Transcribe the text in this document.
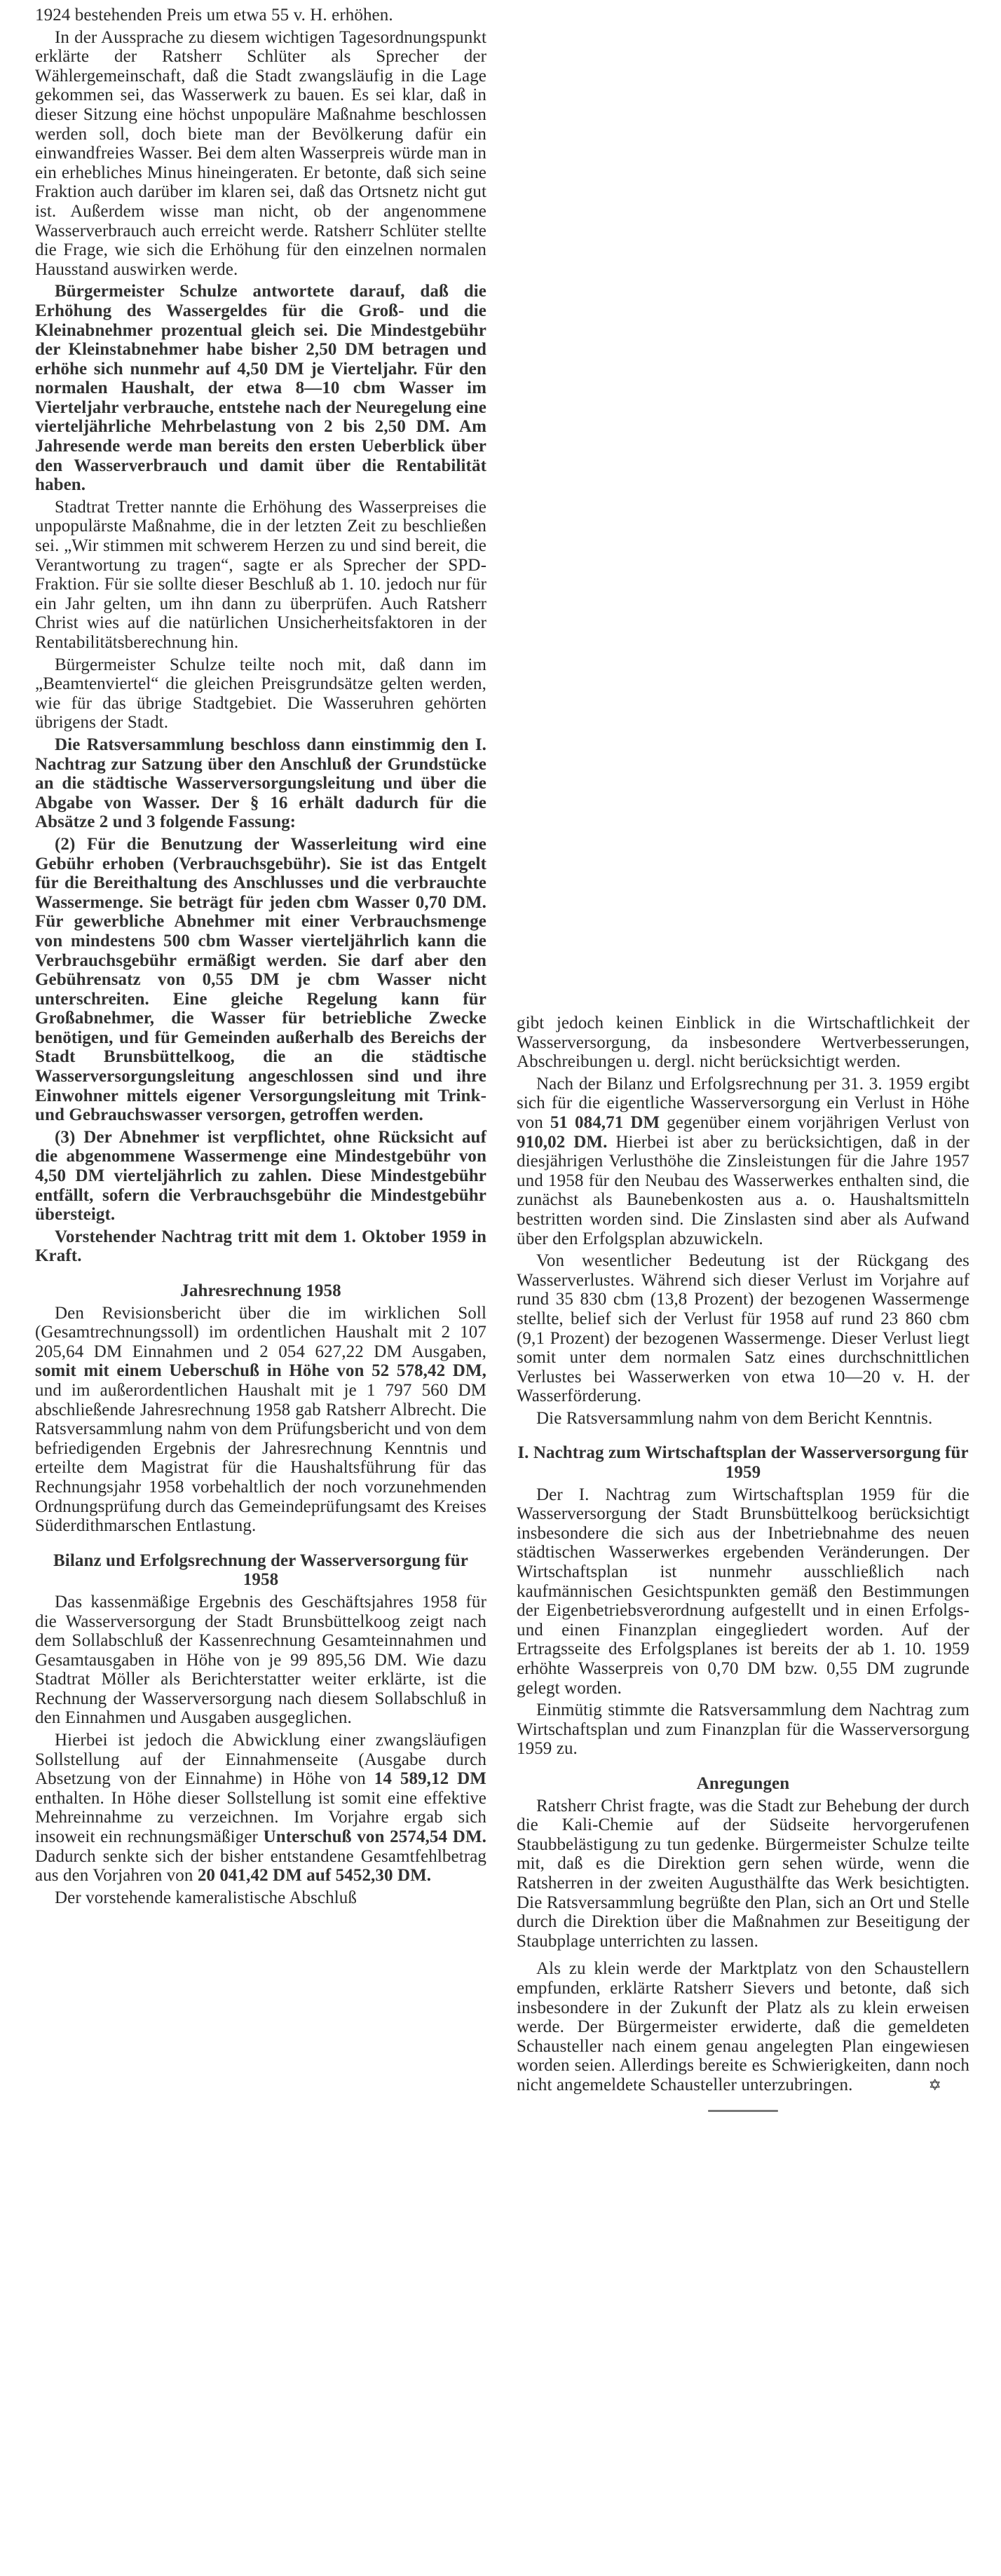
1924 bestehenden Preis um etwa 55 v. H. erhöhen.

In der Aussprache zu diesem wichtigen Tagesordnungspunkt erklärte der Ratsherr Schlüter als Sprecher der Wählergemeinschaft, daß die Stadt zwangsläufig in die Lage gekommen sei, das Wasserwerk zu bauen. Es sei klar, daß in dieser Sitzung eine höchst unpopuläre Maßnahme beschlossen werden soll, doch biete man der Bevölkerung dafür ein einwandfreies Wasser. Bei dem alten Wasserpreis würde man in ein erhebliches Minus hineingeraten. Er betonte, daß sich seine Fraktion auch darüber im klaren sei, daß das Ortsnetz nicht gut ist. Außerdem wisse man nicht, ob der angenommene Wasserverbrauch auch erreicht werde. Ratsherr Schlüter stellte die Frage, wie sich die Erhöhung für den einzelnen normalen Hausstand auswirken werde.

Bürgermeister Schulze antwortete darauf, daß die Erhöhung des Wassergeldes für die Groß- und die Kleinabnehmer prozentual gleich sei. Die Mindestgebühr der Kleinstabnehmer habe bisher 2,50 DM betragen und erhöhe sich nunmehr auf 4,50 DM je Vierteljahr. Für den normalen Haushalt, der etwa 8—10 cbm Wasser im Vierteljahr verbrauche, entstehe nach der Neuregelung eine vierteljährliche Mehrbelastung von 2 bis 2,50 DM. Am Jahresende werde man bereits den ersten Ueberblick über den Wasserverbrauch und damit über die Rentabilität haben.

Stadtrat Tretter nannte die Erhöhung des Wasserpreises die unpopulärste Maßnahme, die in der letzten Zeit zu beschließen sei. „Wir stimmen mit schwerem Herzen zu und sind bereit, die Verantwortung zu tragen“, sagte er als Sprecher der SPD-Fraktion. Für sie sollte dieser Beschluß ab 1. 10. jedoch nur für ein Jahr gelten, um ihn dann zu überprüfen. Auch Ratsherr Christ wies auf die natürlichen Unsicherheitsfaktoren in der Rentabilitätsberechnung hin.

Bürgermeister Schulze teilte noch mit, daß dann im „Beamtenviertel“ die gleichen Preisgrundsätze gelten werden, wie für das übrige Stadtgebiet. Die Wasseruhren gehörten übrigens der Stadt.

Die Ratsversammlung beschloss dann einstimmig den I. Nachtrag zur Satzung über den Anschluß der Grundstücke an die städtische Wasserversorgungsleitung und über die Abgabe von Wasser. Der § 16 erhält dadurch für die Absätze 2 und 3 folgende Fassung:

(2) Für die Benutzung der Wasserleitung wird eine Gebühr erhoben (Verbrauchsgebühr). Sie ist das Entgelt für die Bereithaltung des Anschlusses und die verbrauchte Wassermenge. Sie beträgt für jeden cbm Wasser 0,70 DM. Für gewerbliche Abnehmer mit einer Verbrauchsmenge von mindestens 500 cbm Wasser vierteljährlich kann die Verbrauchsgebühr ermäßigt werden. Sie darf aber den Gebührensatz von 0,55 DM je cbm Wasser nicht unterschreiten. Eine gleiche Regelung kann für Großabnehmer, die Wasser für betriebliche Zwecke benötigen, und für Gemeinden außerhalb des Bereichs der Stadt Brunsbüttelkoog, die an die städtische Wasserversorgungsleitung angeschlossen sind und ihre Einwohner mittels eigener Versorgungsleitung mit Trink- und Gebrauchswasser versorgen, getroffen werden.

(3) Der Abnehmer ist verpflichtet, ohne Rücksicht auf die abgenommene Wassermenge eine Mindestgebühr von 4,50 DM vierteljährlich zu zahlen. Diese Mindestgebühr entfällt, sofern die Verbrauchsgebühr die Mindestgebühr übersteigt.

Vorstehender Nachtrag tritt mit dem 1. Oktober 1959 in Kraft.

Jahresrechnung 1958

Den Revisionsbericht über die im wirklichen Soll (Gesamtrechnungssoll) im ordentlichen Haushalt mit 2 107 205,64 DM Einnahmen und 2 054 627,22 DM Ausgaben, somit mit einem Ueberschuß in Höhe von 52 578,42 DM, und im außerordentlichen Haushalt mit je 1 797 560 DM abschließende Jahresrechnung 1958 gab Ratsherr Albrecht. Die Ratsversammlung nahm von dem Prüfungsbericht und von dem befriedigenden Ergebnis der Jahresrechnung Kenntnis und erteilte dem Magistrat für die Haushaltsführung für das Rechnungsjahr 1958 vorbehaltlich der noch vorzunehmenden Ordnungsprüfung durch das Gemeindeprüfungsamt des Kreises Süderdithmarschen Entlastung.

Bilanz und Erfolgsrechnung der Wasserversorgung für 1958

Das kassenmäßige Ergebnis des Geschäftsjahres 1958 für die Wasserversorgung der Stadt Brunsbüttelkoog zeigt nach dem Sollabschluß der Kassenrechnung Gesamteinnahmen und Gesamtausgaben in Höhe von je 99 895,56 DM. Wie dazu Stadtrat Möller als Berichterstatter weiter erklärte, ist die Rechnung der Wasserversorgung nach diesem Sollabschluß in den Einnahmen und Ausgaben ausgeglichen.

Hierbei ist jedoch die Abwicklung einer zwangsläufigen Sollstellung auf der Einnahmenseite (Ausgabe durch Absetzung von der Einnahme) in Höhe von 14 589,12 DM enthalten. In Höhe dieser Sollstellung ist somit eine effektive Mehreinnahme zu verzeichnen. Im Vorjahre ergab sich insoweit ein rechnungsmäßiger Unterschuß von 2574,54 DM. Dadurch senkte sich der bisher entstandene Gesamtfehlbetrag aus den Vorjahren von 20 041,42 DM auf 5452,30 DM.

Der vorstehende kameralistische Abschluß

gibt jedoch keinen Einblick in die Wirtschaftlichkeit der Wasserversorgung, da insbesondere Wertverbesserungen, Abschreibungen u. dergl. nicht berücksichtigt werden.

Nach der Bilanz und Erfolgsrechnung per 31. 3. 1959 ergibt sich für die eigentliche Wasserversorgung ein Verlust in Höhe von 51 084,71 DM gegenüber einem vorjährigen Verlust von 910,02 DM. Hierbei ist aber zu berücksichtigen, daß in der diesjährigen Verlusthöhe die Zinsleistungen für die Jahre 1957 und 1958 für den Neubau des Wasserwerkes enthalten sind, die zunächst als Baunebenkosten aus a. o. Haushaltsmitteln bestritten worden sind. Die Zinslasten sind aber als Aufwand über den Erfolgsplan abzuwickeln.

Von wesentlicher Bedeutung ist der Rückgang des Wasserverlustes. Während sich dieser Verlust im Vorjahre auf rund 35 830 cbm (13,8 Prozent) der bezogenen Wassermenge stellte, belief sich der Verlust für 1958 auf rund 23 860 cbm (9,1 Prozent) der bezogenen Wassermenge. Dieser Verlust liegt somit unter dem normalen Satz eines durchschnittlichen Verlustes bei Wasserwerken von etwa 10—20 v. H. der Wasserförderung.

Die Ratsversammlung nahm von dem Bericht Kenntnis.

I. Nachtrag zum Wirtschaftsplan der Wasserversorgung für 1959

Der I. Nachtrag zum Wirtschaftsplan 1959 für die Wasserversorgung der Stadt Brunsbüttelkoog berücksichtigt insbesondere die sich aus der Inbetriebnahme des neuen städtischen Wasserwerkes ergebenden Veränderungen. Der Wirtschaftsplan ist nunmehr ausschließlich nach kaufmännischen Gesichtspunkten gemäß den Bestimmungen der Eigenbetriebsverordnung aufgestellt und in einen Erfolgs- und einen Finanzplan eingegliedert worden. Auf der Ertragsseite des Erfolgsplanes ist bereits der ab 1. 10. 1959 erhöhte Wasserpreis von 0,70 DM bzw. 0,55 DM zugrunde gelegt worden.

Einmütig stimmte die Ratsversammlung dem Nachtrag zum Wirtschaftsplan und zum Finanzplan für die Wasserversorgung 1959 zu.

Anregungen

Ratsherr Christ fragte, was die Stadt zur Behebung der durch die Kali-Chemie auf der Südseite hervorgerufenen Staubbelästigung zu tun gedenke. Bürgermeister Schulze teilte mit, daß es die Direktion gern sehen würde, wenn die Ratsherren in der zweiten Augusthälfte das Werk besichtigten. Die Ratsversammlung begrüßte den Plan, sich an Ort und Stelle durch die Direktion über die Maßnahmen zur Beseitigung der Staubplage unterrichten zu lassen.

Als zu klein werde der Marktplatz von den Schaustellern empfunden, erklärte Ratsherr Sievers und betonte, daß sich insbesondere in der Zukunft der Platz als zu klein erweisen werde. Der Bürgermeister erwiderte, daß die gemeldeten Schausteller nach einem genau angelegten Plan eingewiesen worden seien. Allerdings bereite es Schwierigkeiten, dann noch nicht angemeldete Schausteller unterzubringen.	✡
